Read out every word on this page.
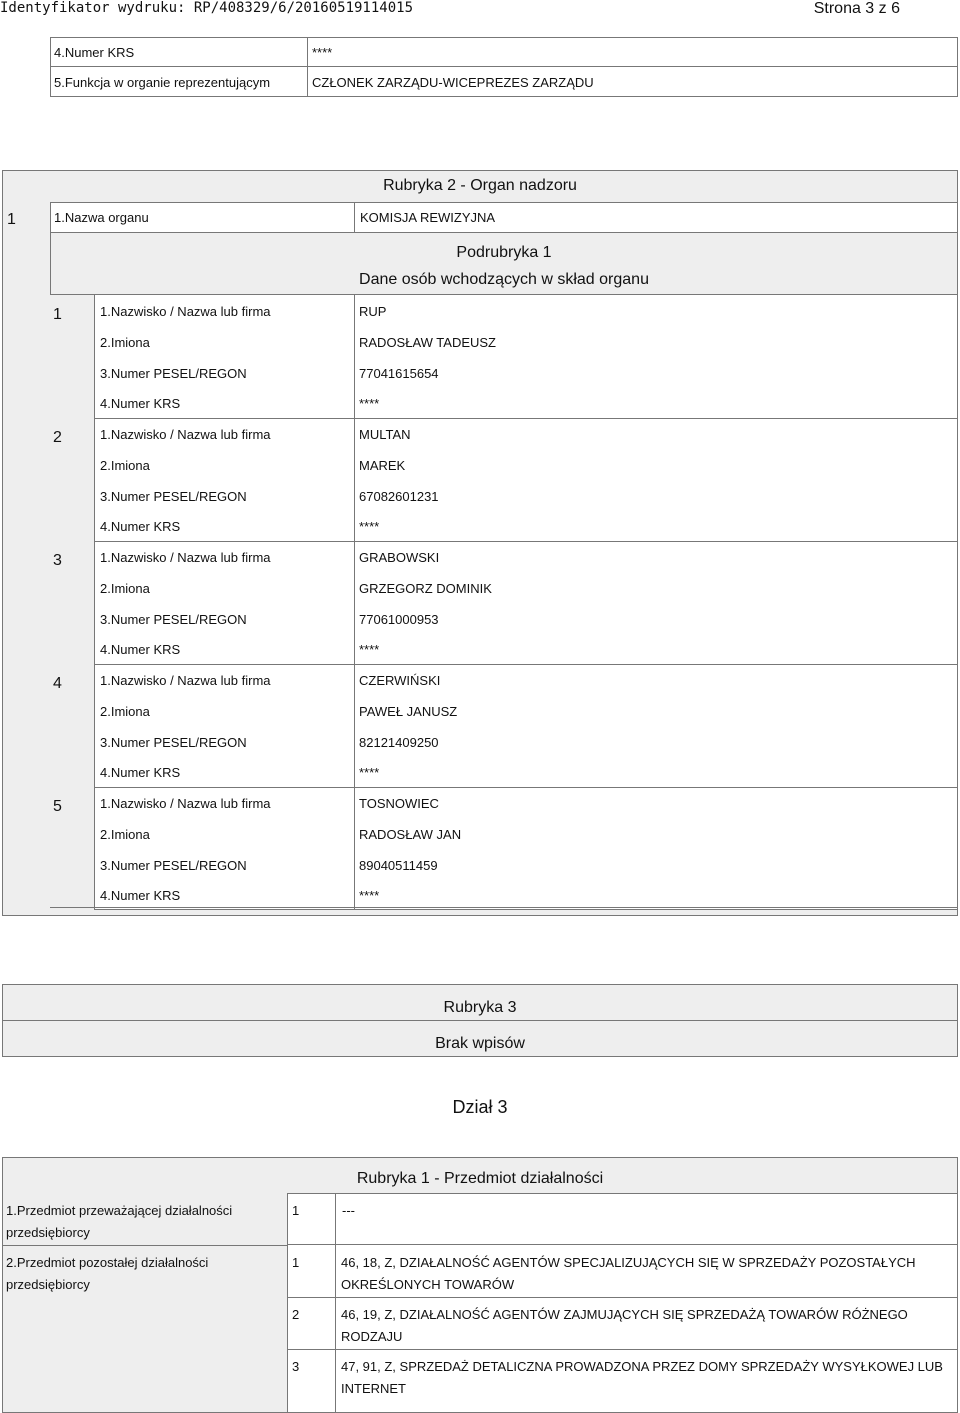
Identyfikator wydruku: RP/408329/6/20160519114015	Strona 3 z 6
4.Numer KRS	****
5.Funkcja w organie reprezentującym	CZŁONEK ZARZĄDU-WICEPREZES ZARZĄDU
Rubryka 2 - Organ nadzoru
1	1.Nazwa organu	KOMISJA REWIZYJNA
Podrubryka 1
Dane osób wchodzących w skład organu
1	1.Nazwisko / Nazwa lub firma	RUP
2.Imiona	RADOSŁAW TADEUSZ
3.Numer PESEL/REGON	77041615654
4.Numer KRS	****
2	1.Nazwisko / Nazwa lub firma	MULTAN
2.Imiona	MAREK
3.Numer PESEL/REGON	67082601231
4.Numer KRS	****
3	1.Nazwisko / Nazwa lub firma	GRABOWSKI
2.Imiona	GRZEGORZ DOMINIK
3.Numer PESEL/REGON	77061000953
4.Numer KRS	****
4	1.Nazwisko / Nazwa lub firma	CZERWIŃSKI
2.Imiona	PAWEŁ JANUSZ
3.Numer PESEL/REGON	82121409250
4.Numer KRS	****
5	1.Nazwisko / Nazwa lub firma	TOSNOWIEC
2.Imiona	RADOSŁAW JAN
3.Numer PESEL/REGON	89040511459
4.Numer KRS	****
Rubryka 3
Brak wpisów
Dział 3
Rubryka 1 - Przedmiot działalności
1.Przedmiot przeważającej działalności przedsiębiorcy
1	---
2.Przedmiot pozostałej działalności przedsiębiorcy
1	46, 18, Z, DZIAŁALNOŚĆ AGENTÓW SPECJALIZUJĄCYCH SIĘ W SPRZEDAŻY POZOSTAŁYCH OKREŚLONYCH TOWARÓW
2	46, 19, Z, DZIAŁALNOŚĆ AGENTÓW ZAJMUJĄCYCH SIĘ SPRZEDAŻĄ TOWARÓW RÓŻNEGO RODZAJU
3	47, 91, Z, SPRZEDAŻ DETALICZNA PROWADZONA PRZEZ DOMY SPRZEDAŻY WYSYŁKOWEJ LUB INTERNET
